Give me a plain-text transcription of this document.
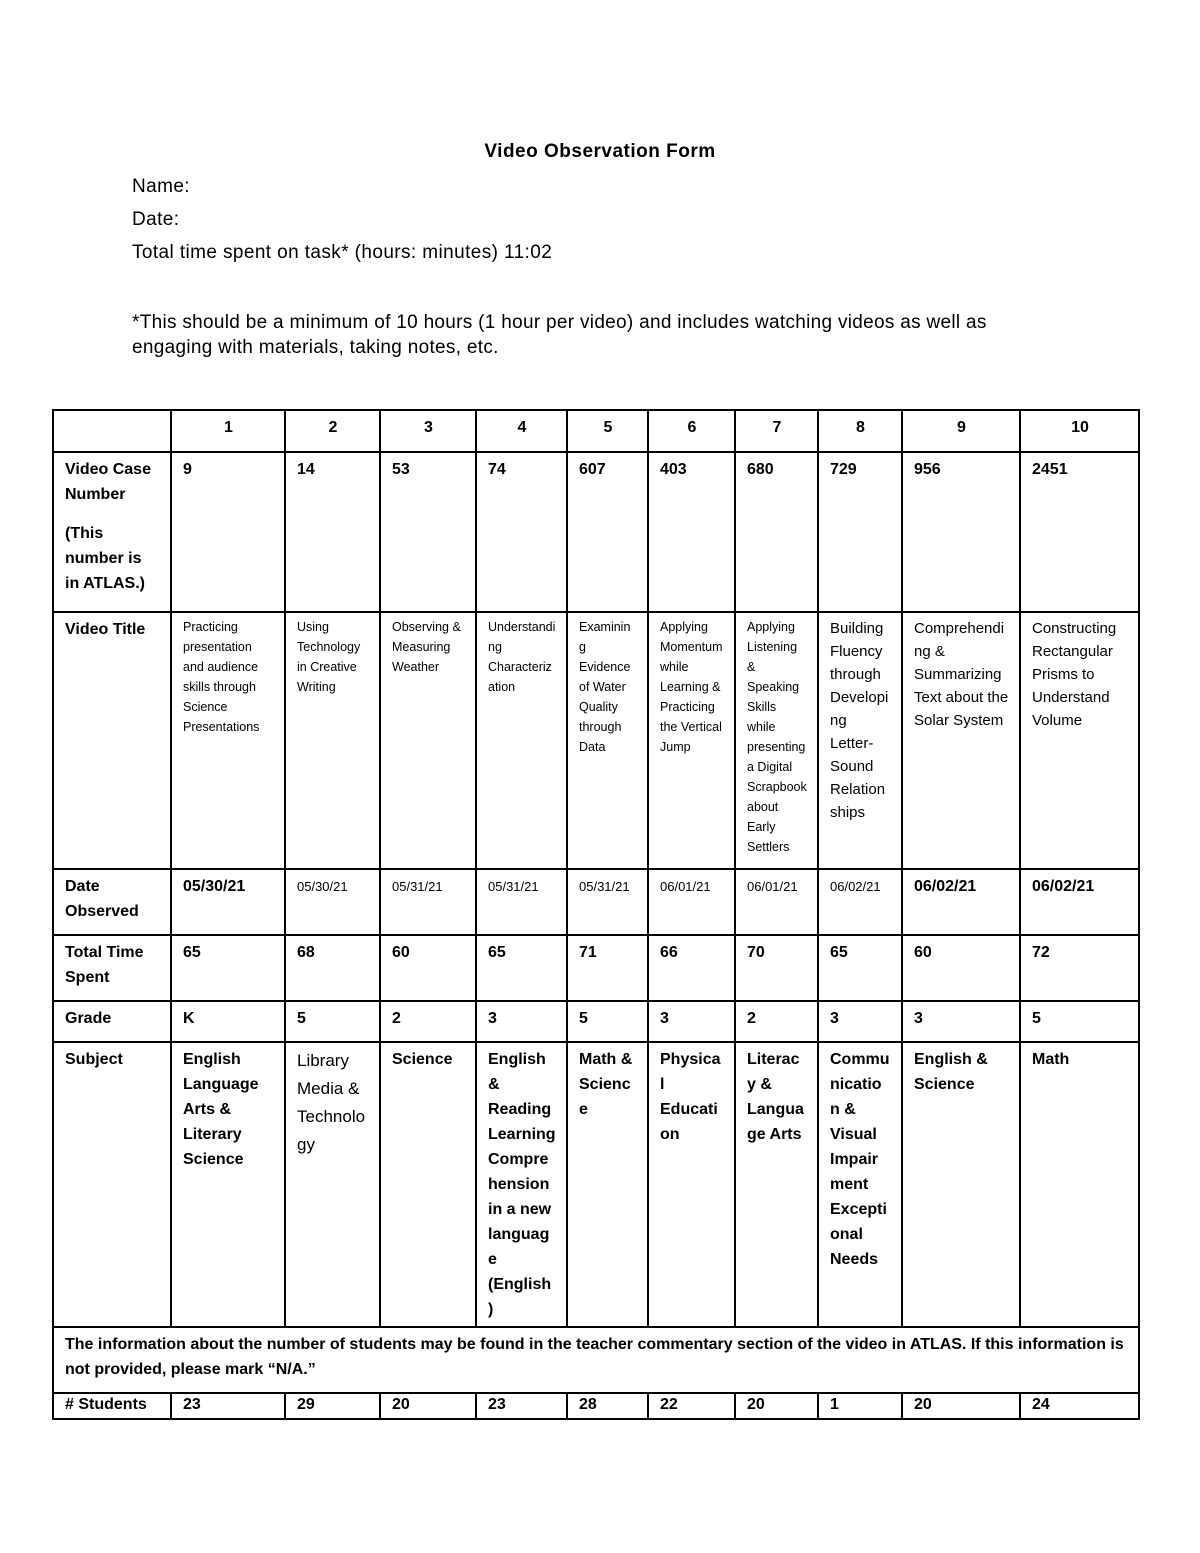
Video Observation Form
Name:
Date:
Total time spent on task* (hours: minutes) 11:02
*This should be a minimum of 10 hours (1 hour per video) and includes watching videos as well as engaging with materials, taking notes, etc.
	1	2	3	4	5	6	7	8	9	10

Video Case Number
(This number is in ATLAS.)	9	14	53	74	607	403	680	729	956	2451
Video Title	Practicing presentation and audience skills through Science Presentations	Using Technology in Creative Writing	Observing & Measuring Weather	Understanding Characterization	Examining Evidence of Water Quality through Data	Applying Momentum while Learning & Practicing the Vertical Jump	Applying Listening & Speaking Skills while presenting a Digital Scrapbook about Early Settlers	Building Fluency through Developing Letter-Sound Relationships	Comprehending & Summarizing Text about the Solar System	Constructing Rectangular Prisms to Understand Volume
Date Observed	05/30/21	05/30/21	05/31/21	05/31/21	05/31/21	06/01/21	06/01/21	06/02/21	06/02/21	06/02/21
Total Time Spent	65	68	60	65	71	66	70	65	60	72
Grade	K	5	2	3	5	3	2	3	3	5
Subject	English Language Arts & Literary Science	Library Media & Technology	Science	English & Reading Learning Comprehension in a new language (English)	Math & Science	Physical Education	Literacy & Language Arts	Communication & Visual Impairment Exceptional Needs	English & Science	Math
The information about the number of students may be found in the teacher commentary section of the video in ATLAS. If this information is not provided, please mark “N/A.”										
# Students	23	29	20	23	28	22	20	1	20	24
